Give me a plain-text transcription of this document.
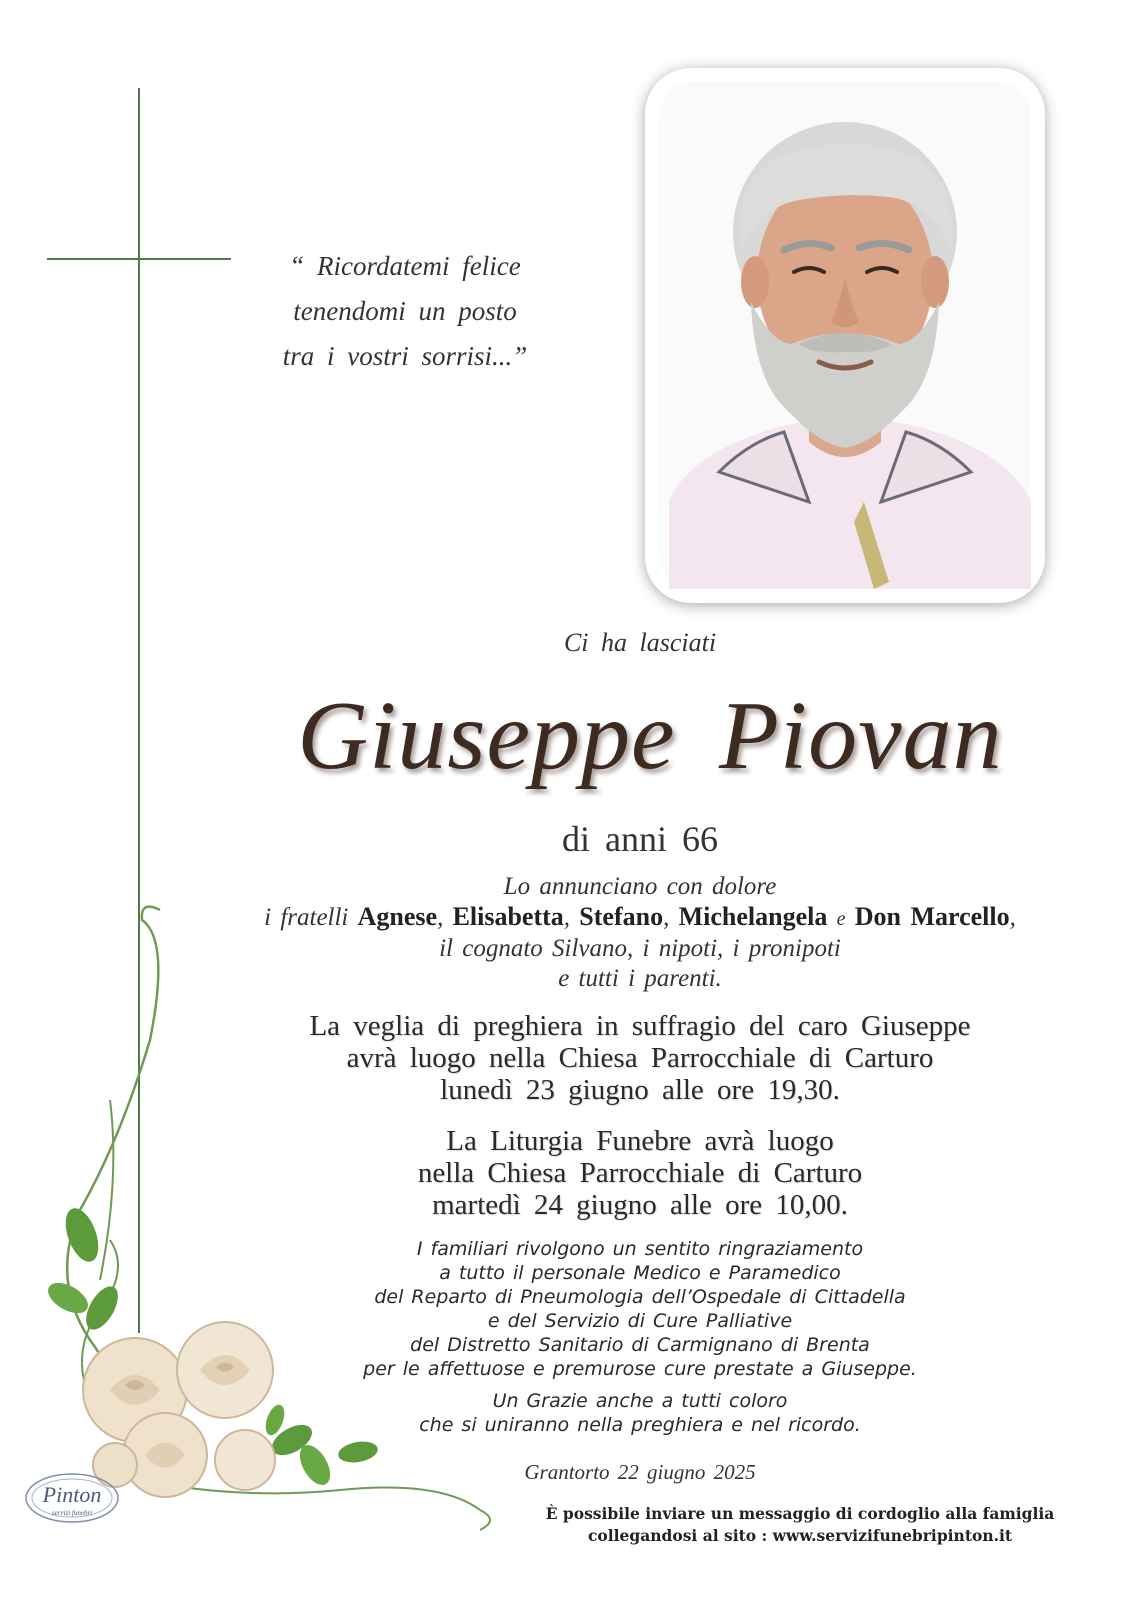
“ Ricordatemi felice
tenendomi un posto
tra i vostri sorrisi...”
Ci ha lasciati
Giuseppe Piovan
di anni 66
Lo annunciano con dolore
i fratelli Agnese, Elisabetta, Stefano, Michelangela e Don Marcello,
il cognato Silvano, i nipoti, i pronipoti
e tutti i parenti.
La veglia di preghiera in suffragio del caro Giuseppe
avrà luogo nella Chiesa Parrocchiale di Carturo
lunedì 23 giugno alle ore 19,30.
La Liturgia Funebre avrà luogo
nella Chiesa Parrocchiale di Carturo
martedì 24 giugno alle ore 10,00.
I familiari rivolgono un sentito ringraziamento
a tutto il personale Medico e Paramedico
del Reparto di Pneumologia dell’Ospedale di Cittadella
e del Servizio di Cure Palliative
del Distretto Sanitario di Carmignano di Brenta
per le affettuose e premurose cure prestate a Giuseppe.
Un Grazie anche a tutti coloro
che si uniranno nella preghiera e nel ricordo.
Grantorto 22 giugno 2025
È possibile inviare un messaggio di cordoglio alla famiglia
collegandosi al sito : www.servizifunebripinton.it
Pinton
servizi funebri
